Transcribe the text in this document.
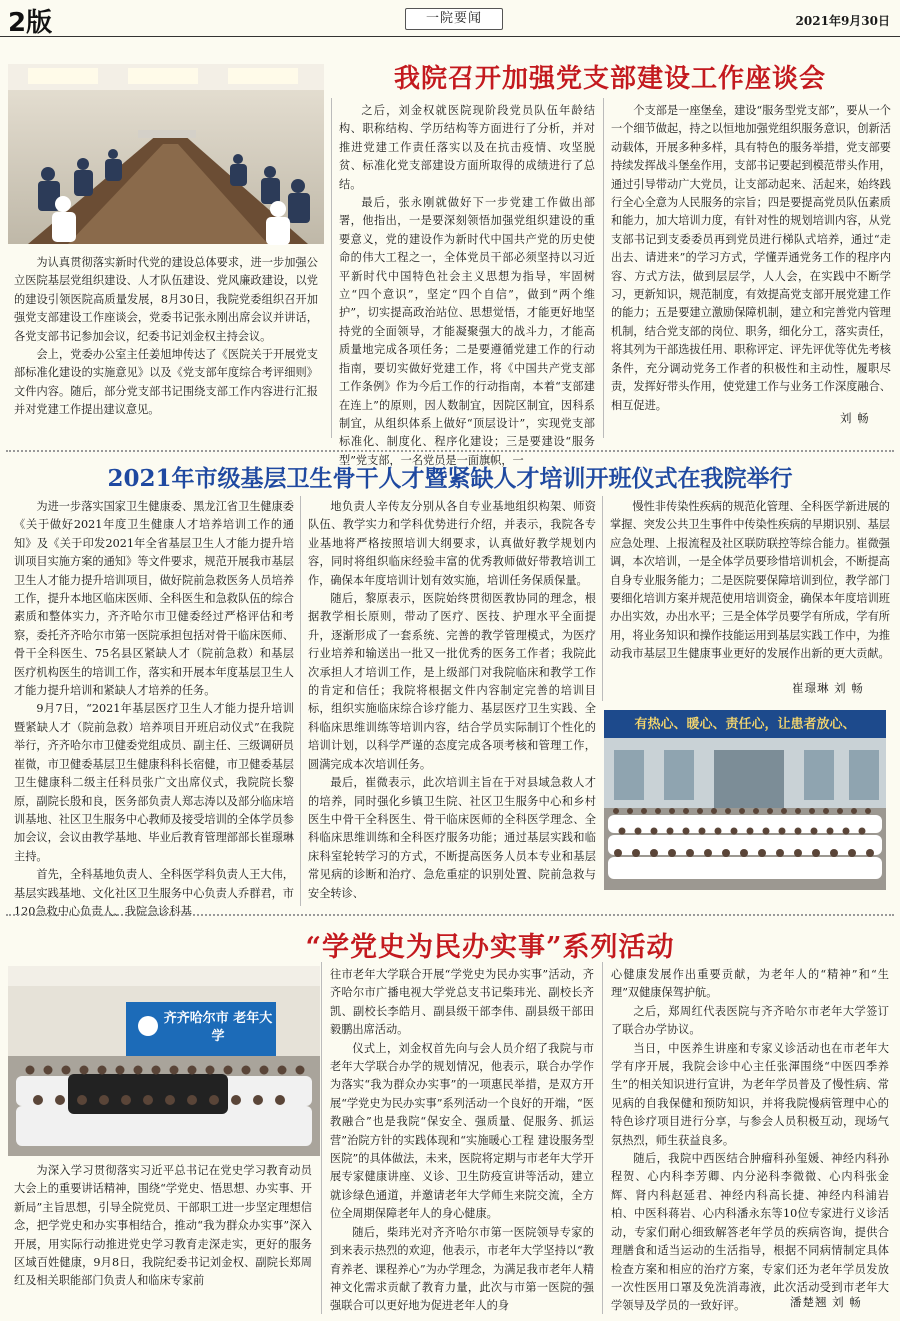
2版	一院要闻	2021年9月30日
我院召开加强党支部建设工作座谈会

为认真贯彻落实新时代党的建设总体要求，进一步加强公立医院基层党组织建设、人才队伍建设、党风廉政建设，以党的建设引领医院高质量发展，8月30日，我院党委组织召开加强党支部建设工作座谈会，党委书记张永刚出席会议并讲话，各党支部书记参加会议，纪委书记刘金权主持会议。

会上，党委办公室主任姜旭坤传达了《医院关于开展党支部标准化建设的实施意见》以及《党支部年度综合考评细则》文件内容。随后，部分党支部书记围绕支部工作内容进行汇报并对党建工作提出建议意见。

之后，刘金权就医院现阶段党员队伍年龄结构、职称结构、学历结构等方面进行了分析，并对推进党建工作责任落实以及在抗击疫情、攻坚脱贫、标准化党支部建设方面所取得的成绩进行了总结。

最后，张永刚就做好下一步党建工作做出部署，他指出，一是要深刻领悟加强党组织建设的重要意义，党的建设作为新时代中国共产党的历史使命的伟大工程之一，全体党员干部必须坚持以习近平新时代中国特色社会主义思想为指导，牢固树立“四个意识”，坚定“四个自信”，做到“两个维护”，切实提高政治站位、思想觉悟，才能更好地坚持党的全面领导，才能凝聚强大的战斗力，才能高质量地完成各项任务；二是要遵循党建工作的行动指南，要切实做好党建工作，将《中国共产党支部工作条例》作为今后工作的行动指南，本着“支部建在连上”的原则，因人数制宜，因院区制宜，因科系制宜，从组织体系上做好“顶层设计”，实现党支部标准化、制度化、程序化建设；三是要建设“服务型”党支部，一名党员是一面旗帜，一

个支部是一座堡垒，建设“服务型党支部”，要从一个一个细节做起，持之以恒地加强党组织服务意识，创新活动载体，开展多种多样，具有特色的服务举措，党支部要持续发挥战斗堡垒作用，支部书记要起到模范带头作用，通过引导带动广大党员，让支部动起来、活起来，始终践行全心全意为人民服务的宗旨；四是要提高党员队伍素质和能力，加大培训力度，有针对性的规划培训内容，从党支部书记到支委委员再到党员进行梯队式培养，通过“走出去、请进来”的学习方式，学懂弄通党务工作的程序内容、方式方法，做到层层学，人人会，在实践中不断学习，更新知识，规范制度，有效提高党支部开展党建工作的能力；五是要建立激励保障机制，建立和完善党内管理机制，结合党支部的岗位、职务，细化分工，落实责任，将其列为干部选拔任用、职称评定、评先评优等优先考核条件，充分调动党务工作者的积极性和主动性，履职尽责，发挥好带头作用，使党建工作与业务工作深度融合、相互促进。

刘 畅
2021年市级基层卫生骨干人才暨紧缺人才培训开班仪式在我院举行

为进一步落实国家卫生健康委、黑龙江省卫生健康委《关于做好2021年度卫生健康人才培养培训工作的通知》及《关于印发2021年全省基层卫生人才能力提升培训项目实施方案的通知》等文件要求，规范开展我市基层卫生人才能力提升培训项目，做好院前急救医务人员培养工作，提升本地区临床医师、全科医生和急救队伍的综合素质和整体实力，齐齐哈尔市卫健委经过严格评估和考察，委托齐齐哈尔市第一医院承担包括对骨干临床医师、骨干全科医生、75名县区紧缺人才（院前急救）和基层医疗机构医生的培训工作，落实和开展本年度基层卫生人才能力提升培训和紧缺人才培养的任务。

9月7日，“2021年基层医疗卫生人才能力提升培训暨紧缺人才（院前急救）培养项目开班启动仪式”在我院举行，齐齐哈尔市卫健委党组成员、副主任、三级调研员崔微，市卫健委基层卫生健康科科长宿健，市卫健委基层卫生健康科二级主任科员张广文出席仪式，我院院长黎原，副院长殷和良，医务部负责人郑志涛以及部分临床培训基地、社区卫生服务中心教师及接受培训的全体学员参加会议，会议由教学基地、毕业后教育管理部部长崔璟琳主持。

首先，全科基地负责人、全科医学科负责人王大伟，基层实践基地、文化社区卫生服务中心负责人乔群君，市120急救中心负责人、我院急诊科基

地负责人辛传友分别从各自专业基地组织构架、师资队伍、教学实力和学科优势进行介绍，并表示，我院各专业基地将严格按照培训大纲要求，认真做好教学规划内容，同时将组织临床经验丰富的优秀教师做好带教培训工作，确保本年度培训计划有效实施，培训任务保质保量。

随后，黎原表示，医院始终贯彻医教协同的理念，根据教学相长原则，带动了医疗、医技、护理水平全面提升，逐渐形成了一套系统、完善的教学管理模式，为医疗行业培养和输送出一批又一批优秀的医务工作者；我院此次承担人才培训工作，是上级部门对我院临床和教学工作的肯定和信任；我院将根据文件内容制定完善的培训目标，组织实施临床综合诊疗能力、基层医疗卫生实践、全科临床思维训练等培训内容，结合学员实际制订个性化的培训计划，以科学严谨的态度完成各项考核和管理工作，圆满完成本次培训任务。

最后，崔微表示，此次培训主旨在于对县域急救人才的培养，同时强化乡镇卫生院、社区卫生服务中心和乡村医生中骨干全科医生、骨干临床医师的全科医学理念、全科临床思维训练和全科医疗服务功能；通过基层实践和临床科室轮转学习的方式，不断提高医务人员本专业和基层常见病的诊断和治疗、急危重症的识别处置、院前急救与安全转诊、

慢性非传染性疾病的规范化管理、全科医学新进展的掌握、突发公共卫生事件中传染性疾病的早期识别、基层应急处理、上报流程及社区联防联控等综合能力。崔微强调，本次培训，一是全体学员要珍惜培训机会，不断提高自身专业服务能力；二是医院要保障培训到位，教学部门要细化培训方案并规范使用培训资金，确保本年度培训班办出实效，办出水平；三是全体学员要学有所成，学有所用，将业务知识和操作技能运用到基层实践工作中，为推动我市基层卫生健康事业更好的发展作出新的更大贡献。

崔璟琳 刘 畅
有热心、暖心、责任心，让患者放心、
“学党史为民办实事”系列活动
齐齐哈尔市 老年大学

为深入学习贯彻落实习近平总书记在党史学习教育动员大会上的重要讲话精神，围绕“学党史、悟思想、办实事、开新局”主旨思想，引导全院党员、干部职工进一步坚定理想信念，把学党史和办实事相结合，推动“我为群众办实事”深入开展，用实际行动推进党史学习教育走深走实，更好的服务区域百姓健康，9月8日，我院纪委书记刘金权、副院长郑周红及相关职能部门负责人和临床专家前

往市老年大学联合开展“学党史为民办实事”活动，齐齐哈尔市广播电视大学党总支书记柴玮光、副校长齐凯、副校长李皓月、副县级干部李伟、副县级干部田毅鹏出席活动。

仪式上，刘金权首先向与会人员介绍了我院与市老年大学联合办学的规划情况，他表示，联合办学作为落实“我为群众办实事”的一项惠民举措，是双方开展“学党史为民办实事”系列活动一个良好的开端，“医教融合”也是我院“保安全、强质量、促服务、抓运营”治院方针的实践体现和“实施暖心工程 建设服务型医院”的具体做法，未来，医院将定期与市老年大学开展专家健康讲座、义诊、卫生防疫宣讲等活动，建立就诊绿色通道，并邀请老年大学师生来院交流，全方位全周期保障老年人的身心健康。

随后，柴玮光对齐齐哈尔市第一医院领导专家的到来表示热烈的欢迎，他表示，市老年大学坚持以“教育养老、课程养心”为办学理念，为满足我市老年人精神文化需求贡献了教育力量，此次与市第一医院的强强联合可以更好地为促进老年人的身

心健康发展作出重要贡献，为老年人的“精神”和“生理”双健康保驾护航。

之后，郑周红代表医院与齐齐哈尔市老年大学签订了联合办学协议。

当日，中医养生讲座和专家义诊活动也在市老年大学有序开展，我院会诊中心主任张渾围绕“中医四季养生”的相关知识进行宣讲，为老年学员普及了慢性病、常见病的自我保健和预防知识，并将我院慢病管理中心的特色诊疗项目进行分享，与参会人员积极互动，现场气氛热烈，师生获益良多。

随后，我院中西医结合肿瘤科孙玺媛、神经内科孙程贺、心内科李芳卿、内分泌科李微微、心内科张金辉、肾内科赵延君、神经内科高长捷、神经内科浦岩柏、中医科蒋岩、心内科潘永东等10位专家进行义诊活动，专家们耐心细致解答老年学员的疾病咨询，提供合理膳食和适当运动的生活指导，根据不同病情制定具体检查方案和相应的治疗方案，专家们还为老年学员发放一次性医用口罩及免洗消毒液，此次活动受到市老年大学领导及学员的一致好评。	潘楚翘 刘 畅
